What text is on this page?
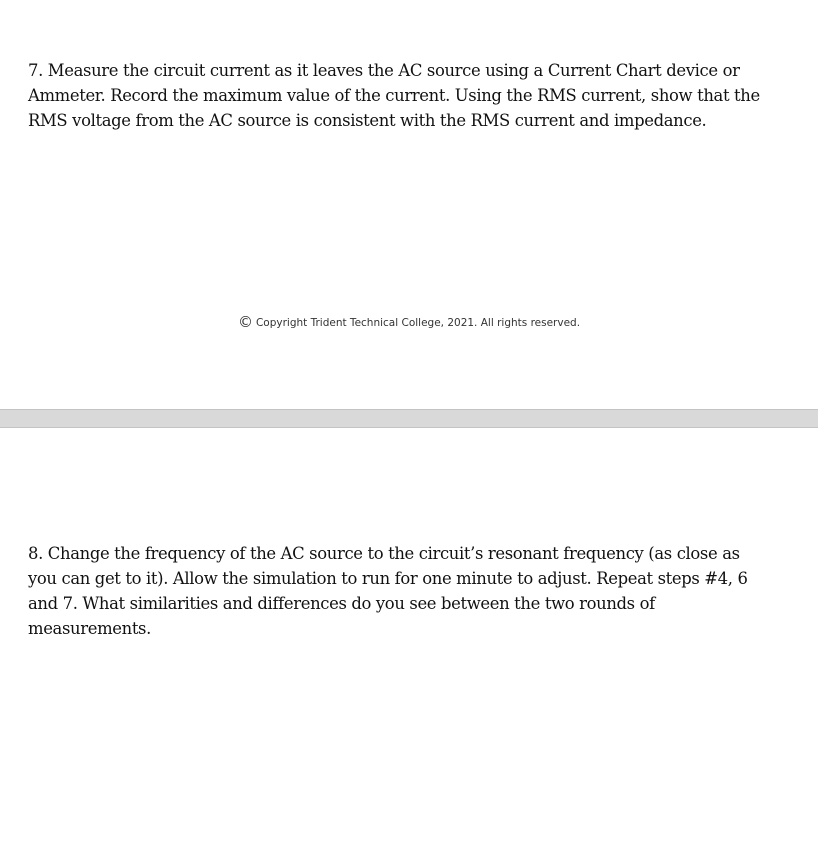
7. Measure the circuit current as it leaves the AC source using a Current Chart device or
Ammeter. Record the maximum value of the current. Using the RMS current, show that the
RMS voltage from the AC source is consistent with the RMS current and impedance.

© Copyright Trident Technical College, 2021. All rights reserved.

8. Change the frequency of the AC source to the circuit’s resonant frequency (as close as
you can get to it). Allow the simulation to run for one minute to adjust. Repeat steps #4, 6
and 7. What similarities and differences do you see between the two rounds of
measurements.
